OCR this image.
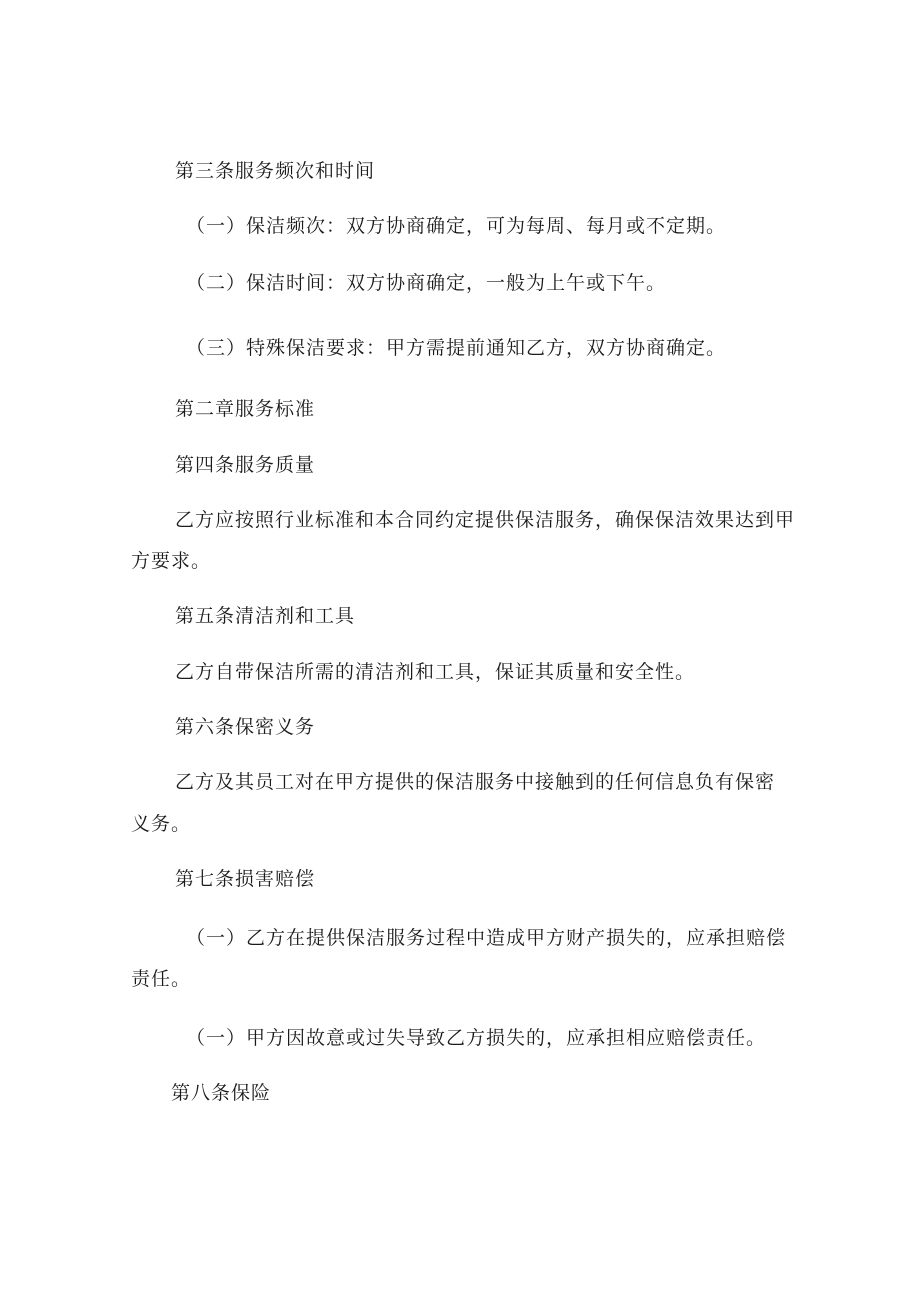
第三条服务频次和时间
（一）保洁频次：双方协商确定，可为每周、每月或不定期。
（二）保洁时间：双方协商确定，一般为上午或下午。
（三）特殊保洁要求：甲方需提前通知乙方，双方协商确定。
第二章服务标准
第四条服务质量
乙方应按照行业标准和本合同约定提供保洁服务，确保保洁效果达到甲
方要求。
第五条清洁剂和工具
乙方自带保洁所需的清洁剂和工具，保证其质量和安全性。
第六条保密义务
乙方及其员工对在甲方提供的保洁服务中接触到的任何信息负有保密
义务。
第七条损害赔偿
（一）乙方在提供保洁服务过程中造成甲方财产损失的，应承担赔偿
责任。
（一）甲方因故意或过失导致乙方损失的，应承担相应赔偿责任。
第八条保险
